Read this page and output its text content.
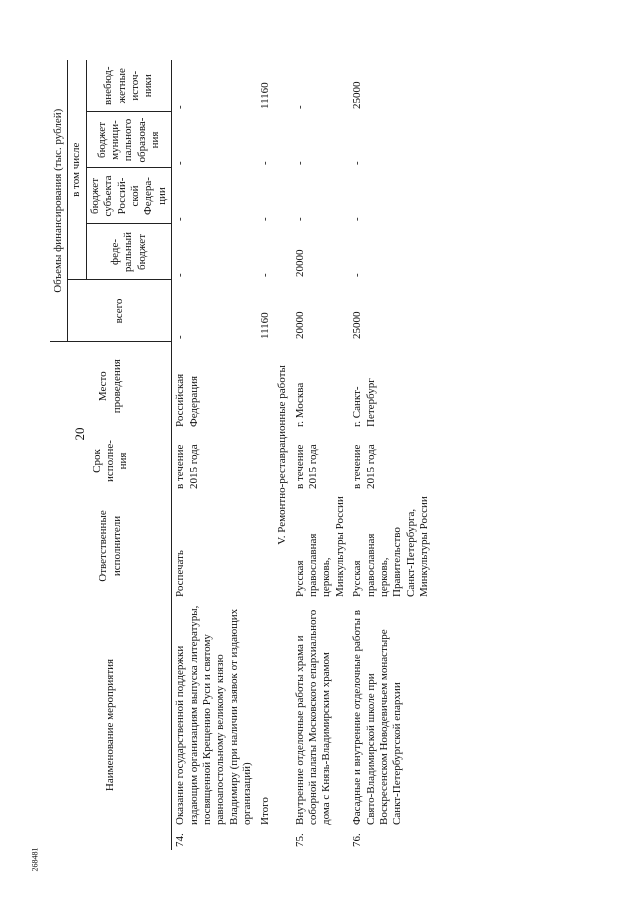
20
268481
Наименование мероприятия		Ответственные исполнители	Срок исполне-ния	Место проведения	Объемы финансирования (тыс. рублей)				
					всего	в том числе			
						феде-ральный бюджет	бюджет субъекта Россий-ской Федера-ции	бюджет муници-пального образова-ния	внебюд-жетные источ-ники
74.	Оказание государственной поддержки издающим организациям выпуска литературы, посвященной Крещению Руси и святому равноапостольному великому князю Владимиру (при наличии заявок от издающих организаций)	Роспечать	в течение 2015 года	Российская Федерация	-	-	-	-	-
	Итого				11160	-	-	-	11160
V. Ремонтно-реставрационные работы									
75.	Внутренние отделочные работы храма и соборной палаты Московского епархиального дома с Князь-Владимирским храмом	Русская православная церковь, Минкультуры России	в течение 2015 года	г. Москва	20000	20000	-	-	-
76.	Фасадные и внутренние отделочные работы в Свято-Владимирской школе при Воскресенском Новодевичьем монастыре Санкт-Петербургской епархии	Русская православная церковь, Правительство Санкт-Петербурга, Минкультуры России	в течение 2015 года	г. Санкт-Петербург	25000	-	-	-	25000
